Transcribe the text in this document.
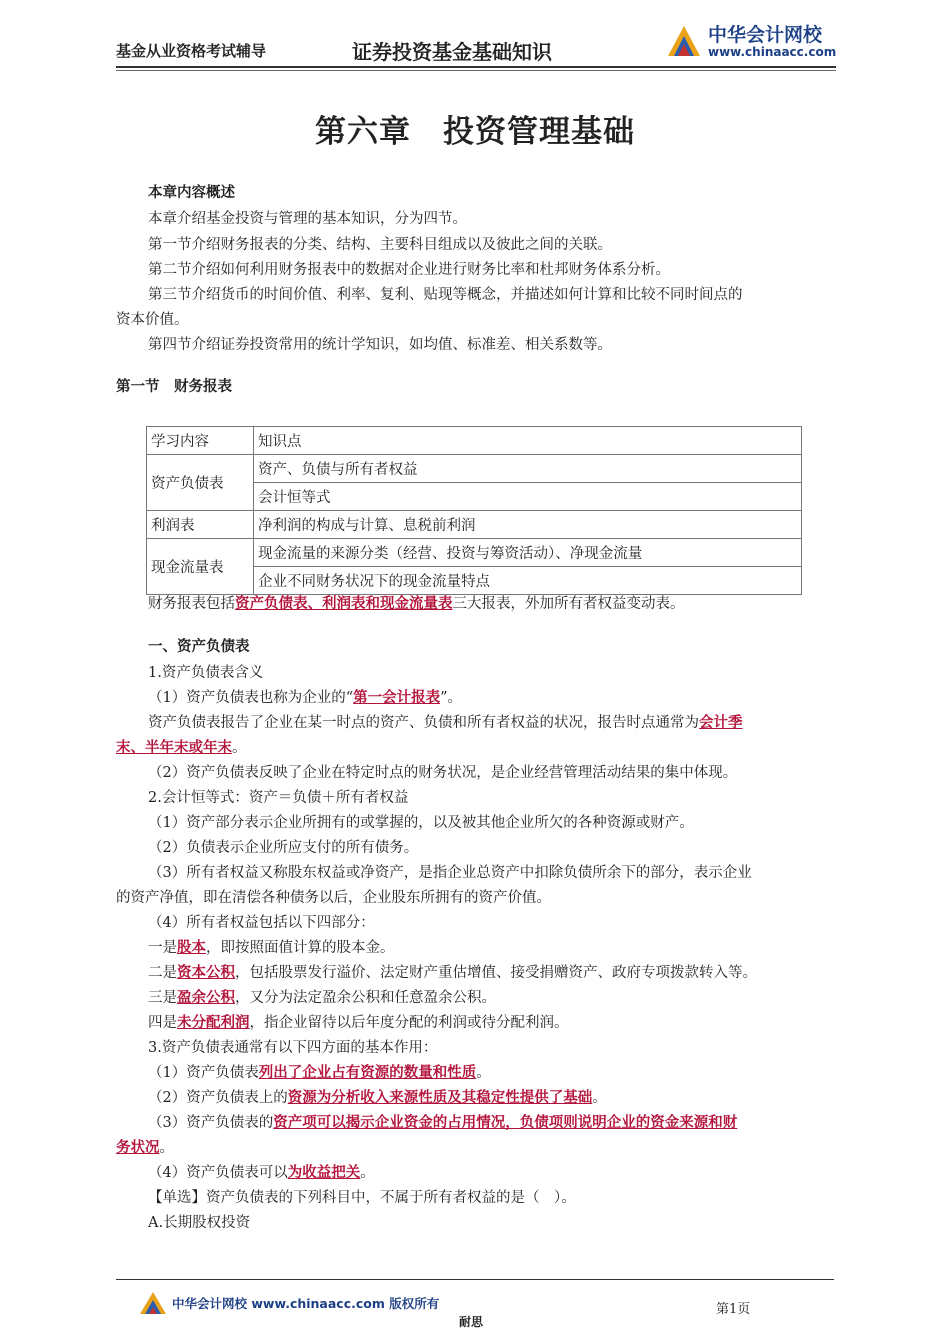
基金从业资格考试辅导	证券投资基金基础知识
中华会计网校
www.chinaacc.com
第六章　投资管理基础
本章内容概述
本章介绍基金投资与管理的基本知识，分为四节。
第一节介绍财务报表的分类、结构、主要科目组成以及彼此之间的关联。
第二节介绍如何利用财务报表中的数据对企业进行财务比率和杜邦财务体系分析。
第三节介绍货币的时间价值、利率、复利、贴现等概念，并描述如何计算和比较不同时间点的
资本价值。
第四节介绍证券投资常用的统计学知识，如均值、标准差、相关系数等。
第一节　财务报表
学习内容	知识点
资产负债表	资产、负债与所有者权益
	会计恒等式
利润表	净利润的构成与计算、息税前利润
现金流量表	现金流量的来源分类（经营、投资与筹资活动）、净现金流量
	企业不同财务状况下的现金流量特点
财务报表包括资产负债表、利润表和现金流量表三大报表，外加所有者权益变动表。
一、资产负债表
1.资产负债表含义
（1）资产负债表也称为企业的“第一会计报表”。
资产负债表报告了企业在某一时点的资产、负债和所有者权益的状况，报告时点通常为会计季
末、半年末或年末。
（2）资产负债表反映了企业在特定时点的财务状况，是企业经营管理活动结果的集中体现。
2.会计恒等式：资产＝负债＋所有者权益
（1）资产部分表示企业所拥有的或掌握的，以及被其他企业所欠的各种资源或财产。
（2）负债表示企业所应支付的所有债务。
（3）所有者权益又称股东权益或净资产，是指企业总资产中扣除负债所余下的部分，表示企业
的资产净值，即在清偿各种债务以后，企业股东所拥有的资产价值。
（4）所有者权益包括以下四部分：
一是股本，即按照面值计算的股本金。
二是资本公积，包括股票发行溢价、法定财产重估增值、接受捐赠资产、政府专项拨款转入等。
三是盈余公积，又分为法定盈余公积和任意盈余公积。
四是未分配利润，指企业留待以后年度分配的利润或待分配利润。
3.资产负债表通常有以下四方面的基本作用：
（1）资产负债表列出了企业占有资源的数量和性质。
（2）资产负债表上的资源为分析收入来源性质及其稳定性提供了基础。
（3）资产负债表的资产项可以揭示企业资金的占用情况，负债项则说明企业的资金来源和财
务状况。
（4）资产负债表可以为收益把关。
【单选】资产负债表的下列科目中，不属于所有者权益的是（　）。
A.长期股权投资
中华会计网校 www.chinaacc.com 版权所有	第1页
耐思
